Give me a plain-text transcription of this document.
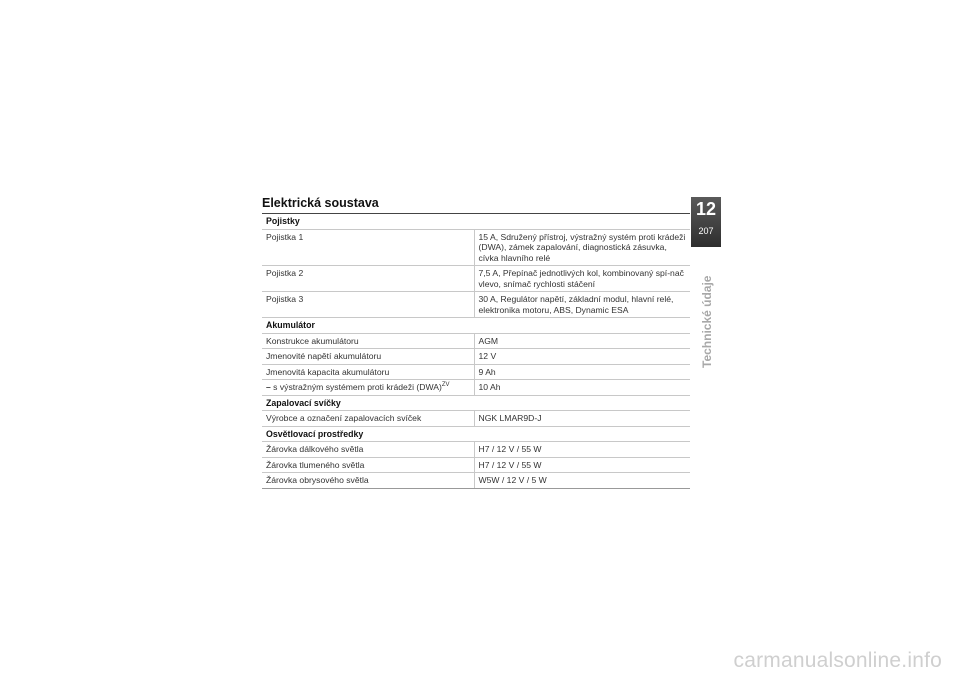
Elektrická soustava
Pojistky	
Pojistka 1	15 A, Sdružený přístroj, výstražný systém proti krádeži (DWA), zámek zapalování, diagnostická zásuvka, cívka hlavního relé
Pojistka 2	7,5 A, Přepínač jednotlivých kol, kombinovaný spí-nač vlevo, snímač rychlosti stáčení
Pojistka 3	30 A, Regulátor napětí, základní modul, hlavní relé, elektronika motoru, ABS, Dynamic ESA
Akumulátor	
Konstrukce akumulátoru	AGM
Jmenovité napětí akumulátoru	12 V
Jmenovitá kapacita akumulátoru	9 Ah
– s výstražným systémem proti krádeži (DWA)$^{ZV}$	10 Ah
Zapalovací svíčky	
Výrobce a označení zapalovacích svíček	NGK LMAR9D-J
Osvětlovací prostředky	
Žárovka dálkového světla	H7 / 12 V / 55 W
Žárovka tlumeného světla	H7 / 12 V / 55 W
Žárovka obrysového světla	W5W / 12 V / 5 W
12
207
Technické údaje
carmanualsonline.info
